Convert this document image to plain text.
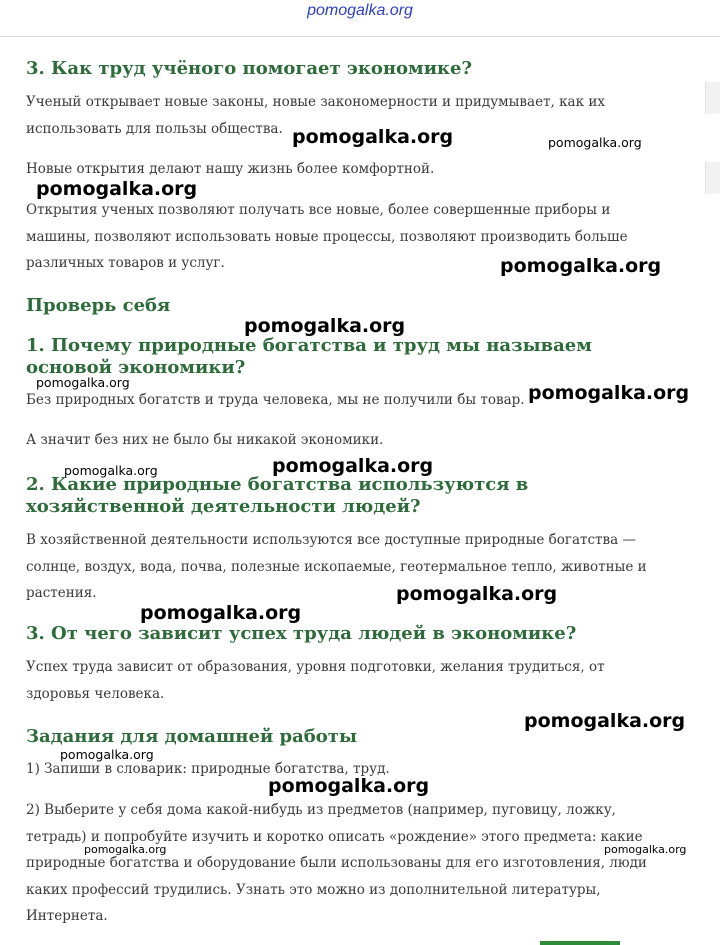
pomogalka.org
3. Как труд учёного помогает экономике?

Ученый открывает новые законы, новые закономерности и придумывает, как их использовать для пользы общества.

Новые открытия делают нашу жизнь более комфортной.

Открытия ученых позволяют получать все новые, более совершенные приборы и машины, позволяют использовать новые процессы, позволяют производить больше различных товаров и услуг.

Проверь себя
1. Почему природные богатства и труд мы называем основой экономики?

Без природных богатств и труда человека, мы не получили бы товар.

А значит без них не было бы никакой экономики.

2. Какие природные богатства используются в хозяйственной деятельности людей?

В хозяйственной деятельности используются все доступные природные богатства — солнце, воздух, вода, почва, полезные ископаемые, геотермальное тепло, животные и растения.

3. От чего зависит успех труда людей в экономике?

Успех труда зависит от образования, уровня подготовки, желания трудиться, от здоровья человека.

Задания для домашней работы

1) Запиши в словарик: природные богатства, труд.

2) Выберите у себя дома какой-нибудь из предметов (например, пуговицу, ложку, тетрадь) и попробуйте изучить и коротко описать «рождение» этого предмета: какие природные богатства и оборудование были использованы для его изготовления, люди каких профессий трудились. Узнать это можно из дополнительной литературы, Интернета.

pomogalka.org	pomogalka.org
pomogalka.org
pomogalka.org
pomogalka.org
pomogalka.org	pomogalka.org
pomogalka.org	pomogalka.org
pomogalka.org
pomogalka.org
pomogalka.org
pomogalka.org
pomogalka.org
pomogalka.org	pomogalka.org
